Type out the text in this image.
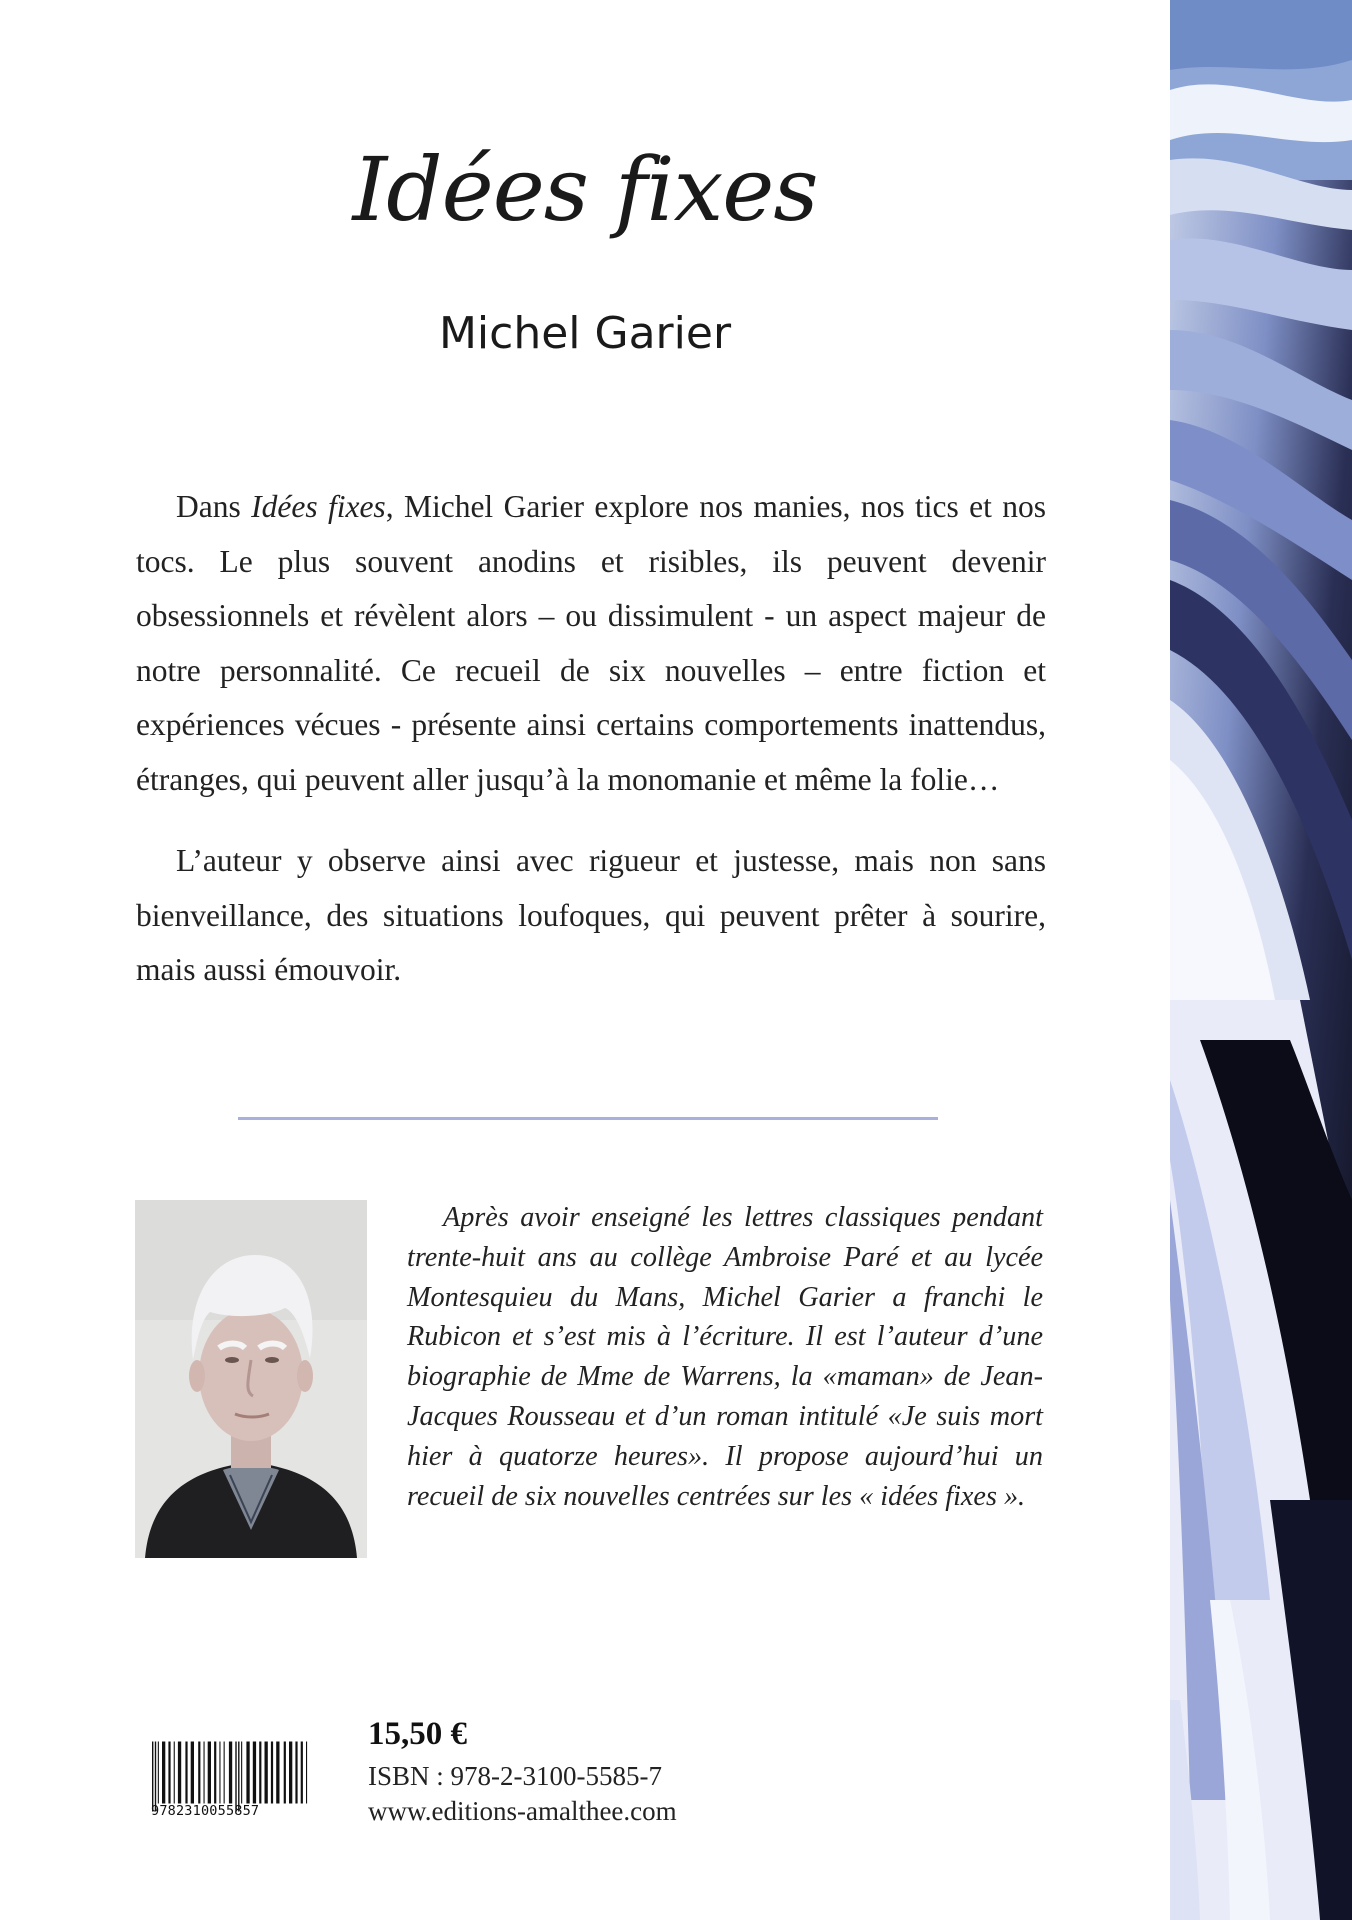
Idées fixes
Michel Garier

Dans Idées fixes, Michel Garier explore nos manies, nos tics et nos tocs. Le plus souvent anodins et risibles, ils peuvent devenir obsessionnels et révèlent alors – ou dissimulent - un aspect majeur de notre personnalité. Ce recueil de six nouvelles – entre fiction et expériences vécues - présente ainsi certains comportements inattendus, étranges, qui peuvent aller jusqu’à la monomanie et même la folie…

L’auteur y observe ainsi avec rigueur et justesse, mais non sans bienveillance, des situations loufoques, qui peuvent prêter à sourire, mais aussi émouvoir.

Après avoir enseigné les lettres classiques pendant trente-huit ans au collège Ambroise Paré et au lycée Montesquieu du Mans, Michel Garier a franchi le Rubicon et s’est mis à l’écriture. Il est l’auteur d’une biographie de Mme de Warrens, la «maman» de Jean-Jacques Rousseau et d’un roman intitulé «Je suis mort hier à quatorze heures». Il propose aujourd’hui un recueil de six nouvelles centrées sur les « idées fixes ».

9782310055857
15,50 €
ISBN : 978-2-3100-5585-7
www.editions-amalthee.com
